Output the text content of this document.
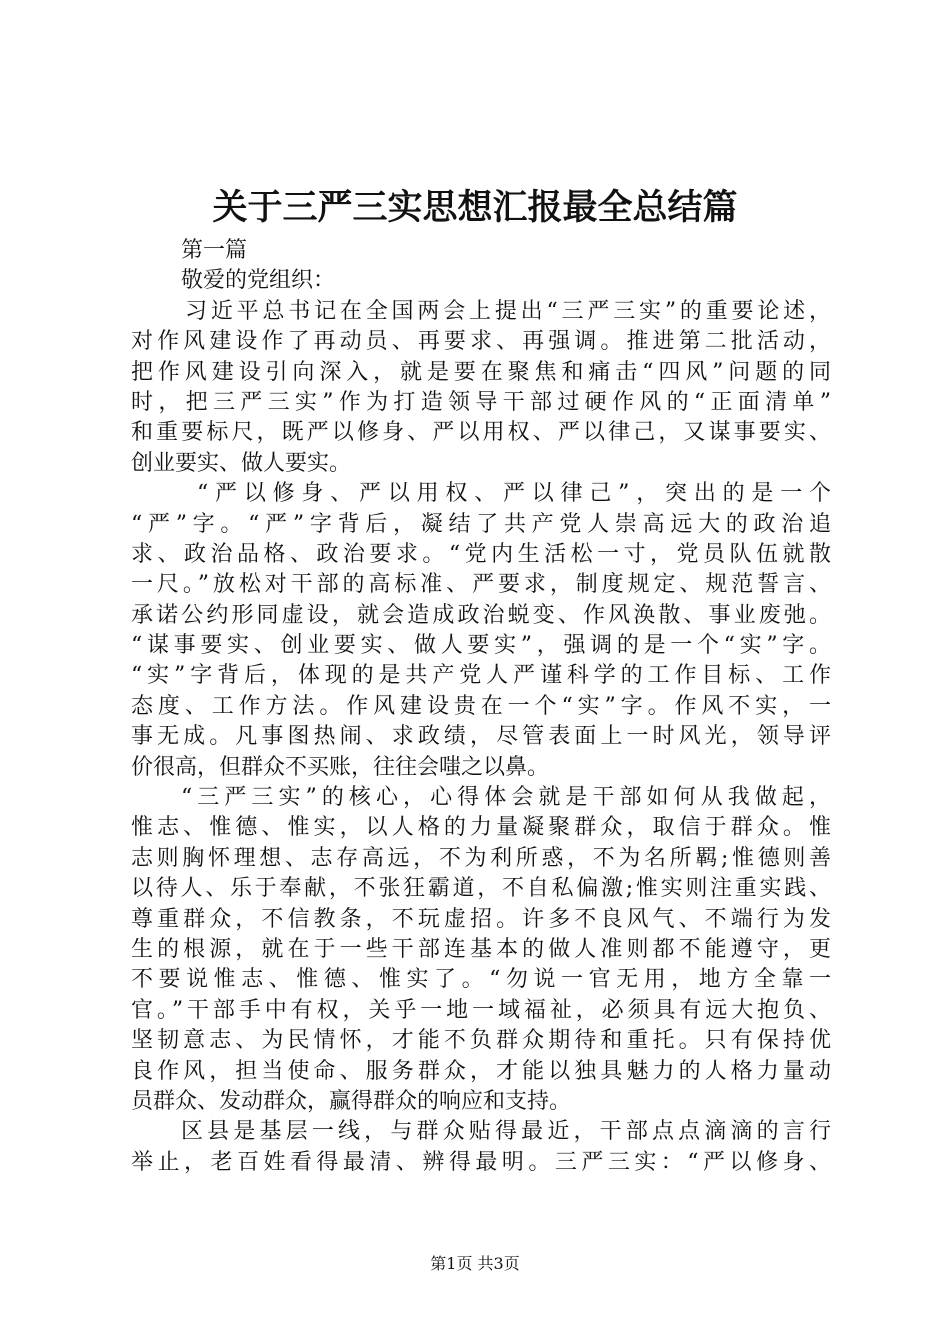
关于三严三实思想汇报最全总结篇
第一篇
敬爱的党组织：
习近平总书记在全国两会上提出“三严三实”的重要论述，
对作风建设作了再动员、再要求、再强调。推进第二批活动，
把作风建设引向深入，就是要在聚焦和痛击“四风”问题的同
时，把三严三实”作为打造领导干部过硬作风的“正面清单”
和重要标尺，既严以修身、严以用权、严以律己，又谋事要实、
创业要实、做人要实。
“严以修身、严以用权、严以律己”，突出的是一个
“严”字。“严”字背后，凝结了共产党人崇高远大的政治追
求、政治品格、政治要求。“党内生活松一寸，党员队伍就散
一尺。”放松对干部的高标准、严要求，制度规定、规范誓言、
承诺公约形同虚设，就会造成政治蜕变、作风涣散、事业废弛。
“谋事要实、创业要实、做人要实”，强调的是一个“实”字。
“实”字背后，体现的是共产党人严谨科学的工作目标、工作
态度、工作方法。作风建设贵在一个“实”字。作风不实，一
事无成。凡事图热闹、求政绩，尽管表面上一时风光，领导评
价很高，但群众不买账，往往会嗤之以鼻。
“三严三实”的核心，心得体会就是干部如何从我做起，
惟志、惟德、惟实，以人格的力量凝聚群众，取信于群众。惟
志则胸怀理想、志存高远，不为利所惑，不为名所羁;惟德则善
以待人、乐于奉献，不张狂霸道，不自私偏激;惟实则注重实践、
尊重群众，不信教条，不玩虚招。许多不良风气、不端行为发
生的根源，就在于一些干部连基本的做人准则都不能遵守，更
不要说惟志、惟德、惟实了。“勿说一官无用，地方全靠一
官。”干部手中有权，关乎一地一域福祉，必须具有远大抱负、
坚韧意志、为民情怀，才能不负群众期待和重托。只有保持优
良作风，担当使命、服务群众，才能以独具魅力的人格力量动
员群众、发动群众，赢得群众的响应和支持。
区县是基层一线，与群众贴得最近，干部点点滴滴的言行
举止，老百姓看得最清、辨得最明。三严三实：“严以修身、
第1页 共3页
